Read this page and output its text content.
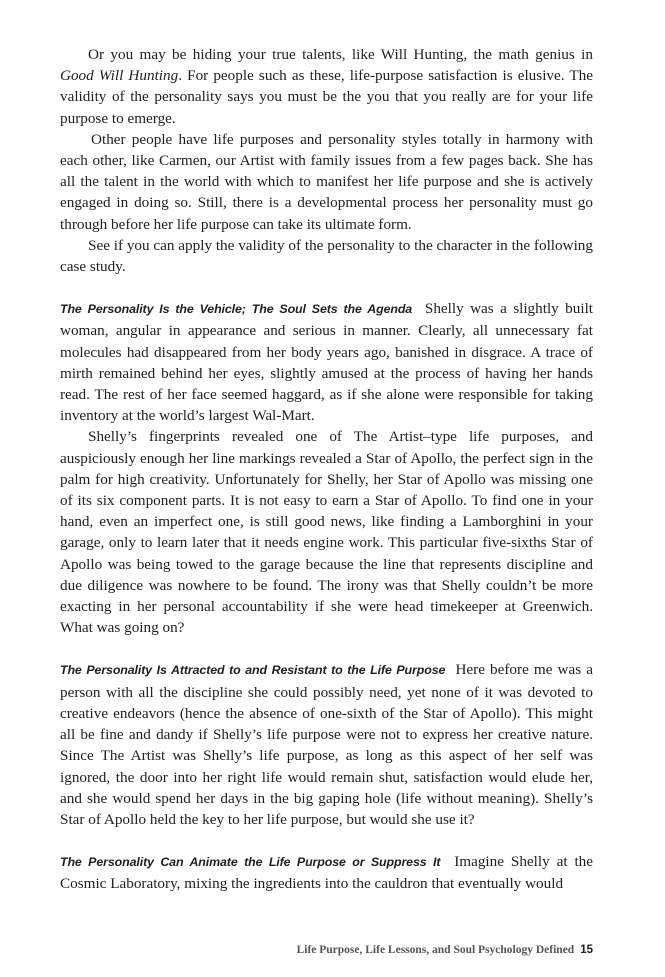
Or you may be hiding your true talents, like Will Hunting, the math genius in Good Will Hunting. For people such as these, life-purpose satisfaction is elusive. The validity of the personality says you must be the you that you really are for your life purpose to emerge.

Other people have life purposes and personality styles totally in harmony with each other, like Carmen, our Artist with family issues from a few pages back. She has all the talent in the world with which to manifest her life purpose and she is actively engaged in doing so. Still, there is a developmental process her personality must go through before her life purpose can take its ultimate form.

See if you can apply the validity of the personality to the character in the following case study.

The Personality Is the Vehicle; The Soul Sets the Agenda Shelly was a slightly built woman, angular in appearance and serious in manner. Clearly, all unnecessary fat molecules had disappeared from her body years ago, banished in disgrace. A trace of mirth remained behind her eyes, slightly amused at the process of having her hands read. The rest of her face seemed haggard, as if she alone were responsible for taking inventory at the world’s largest Wal-Mart.

Shelly’s fingerprints revealed one of The Artist–type life purposes, and auspiciously enough her line markings revealed a Star of Apollo, the perfect sign in the palm for high creativity. Unfortunately for Shelly, her Star of Apollo was missing one of its six component parts. It is not easy to earn a Star of Apollo. To find one in your hand, even an imperfect one, is still good news, like finding a Lamborghini in your garage, only to learn later that it needs engine work. This particular five-sixths Star of Apollo was being towed to the garage because the line that represents discipline and due diligence was nowhere to be found. The irony was that Shelly couldn’t be more exacting in her personal accountability if she were head timekeeper at Greenwich. What was going on?

The Personality Is Attracted to and Resistant to the Life Purpose Here before me was a person with all the discipline she could possibly need, yet none of it was devoted to creative endeavors (hence the absence of one-sixth of the Star of Apollo). This might all be fine and dandy if Shelly’s life purpose were not to express her creative nature. Since The Artist was Shelly’s life purpose, as long as this aspect of her self was ignored, the door into her right life would remain shut, satisfaction would elude her, and she would spend her days in the big gaping hole (life without meaning). Shelly’s Star of Apollo held the key to her life purpose, but would she use it?

The Personality Can Animate the Life Purpose or Suppress It Imagine Shelly at the Cosmic Laboratory, mixing the ingredients into the cauldron that eventually would

Life Purpose, Life Lessons, and Soul Psychology Defined 15
